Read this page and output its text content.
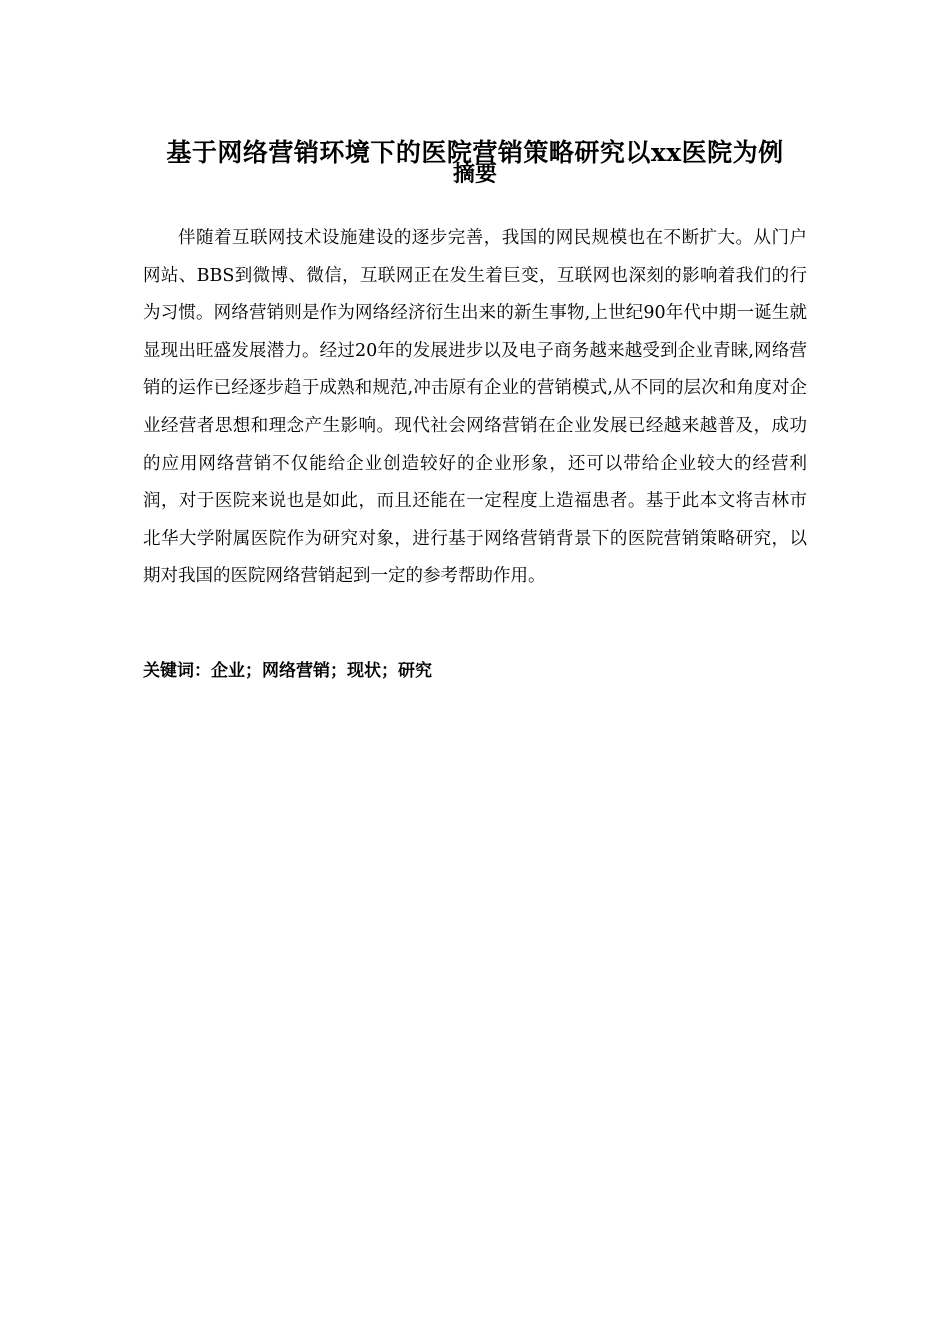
基于网络营销环境下的医院营销策略研究以xx医院为例
摘要

伴随着互联网技术设施建设的逐步完善，我国的网民规模也在不断扩大。从门户网站、BBS到微博、微信，互联网正在发生着巨变，互联网也深刻的影响着我们的行为习惯。网络营销则是作为网络经济衍生出来的新生事物,上世纪90年代中期一诞生就显现出旺盛发展潜力。经过20年的发展进步以及电子商务越来越受到企业青睐,网络营销的运作已经逐步趋于成熟和规范,冲击原有企业的营销模式,从不同的层次和角度对企业经营者思想和理念产生影响。现代社会网络营销在企业发展已经越来越普及，成功的应用网络营销不仅能给企业创造较好的企业形象，还可以带给企业较大的经营利润，对于医院来说也是如此，而且还能在一定程度上造福患者。基于此本文将吉林市北华大学附属医院作为研究对象，进行基于网络营销背景下的医院营销策略研究，以期对我国的医院网络营销起到一定的参考帮助作用。

关键词：企业；网络营销；现状；研究
